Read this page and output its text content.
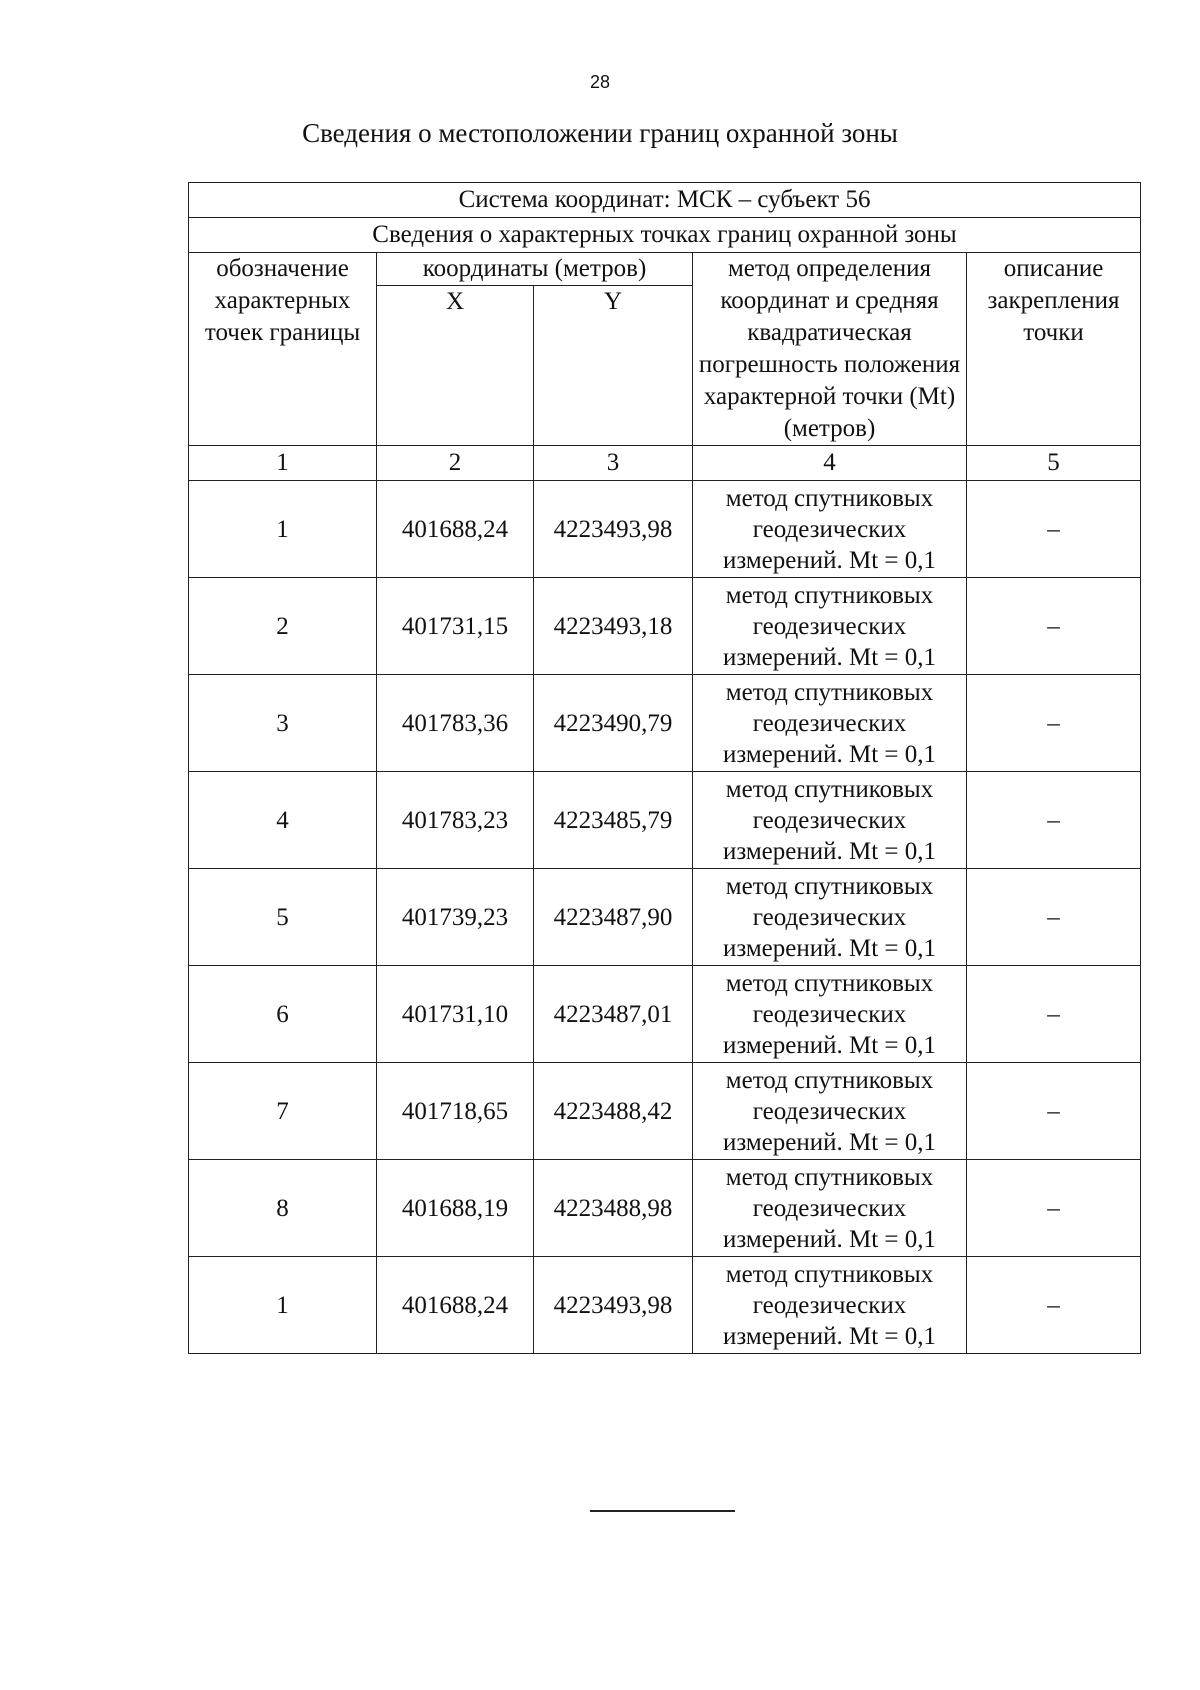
28
Сведения о местоположении границ охранной зоны
Система координат: МСК – субъект 56				
Сведения о характерных точках границ охранной зоны				
обозначение характерных точек границы	координаты (метров)		метод определения координат и средняя квадратическая погрешность положения характерной точки (Mt) (метров)	описание закрепления точки
	X	Y		
1	2	3	4	5
1	401688,24	4223493,98	метод спутниковых геодезических измерений. Mt = 0,1	–
2	401731,15	4223493,18	метод спутниковых геодезических измерений. Mt = 0,1	–
3	401783,36	4223490,79	метод спутниковых геодезических измерений. Mt = 0,1	–
4	401783,23	4223485,79	метод спутниковых геодезических измерений. Mt = 0,1	–
5	401739,23	4223487,90	метод спутниковых геодезических измерений. Mt = 0,1	–
6	401731,10	4223487,01	метод спутниковых геодезических измерений. Mt = 0,1	–
7	401718,65	4223488,42	метод спутниковых геодезических измерений. Mt = 0,1	–
8	401688,19	4223488,98	метод спутниковых геодезических измерений. Mt = 0,1	–
1	401688,24	4223493,98	метод спутниковых геодезических измерений. Mt = 0,1	–
